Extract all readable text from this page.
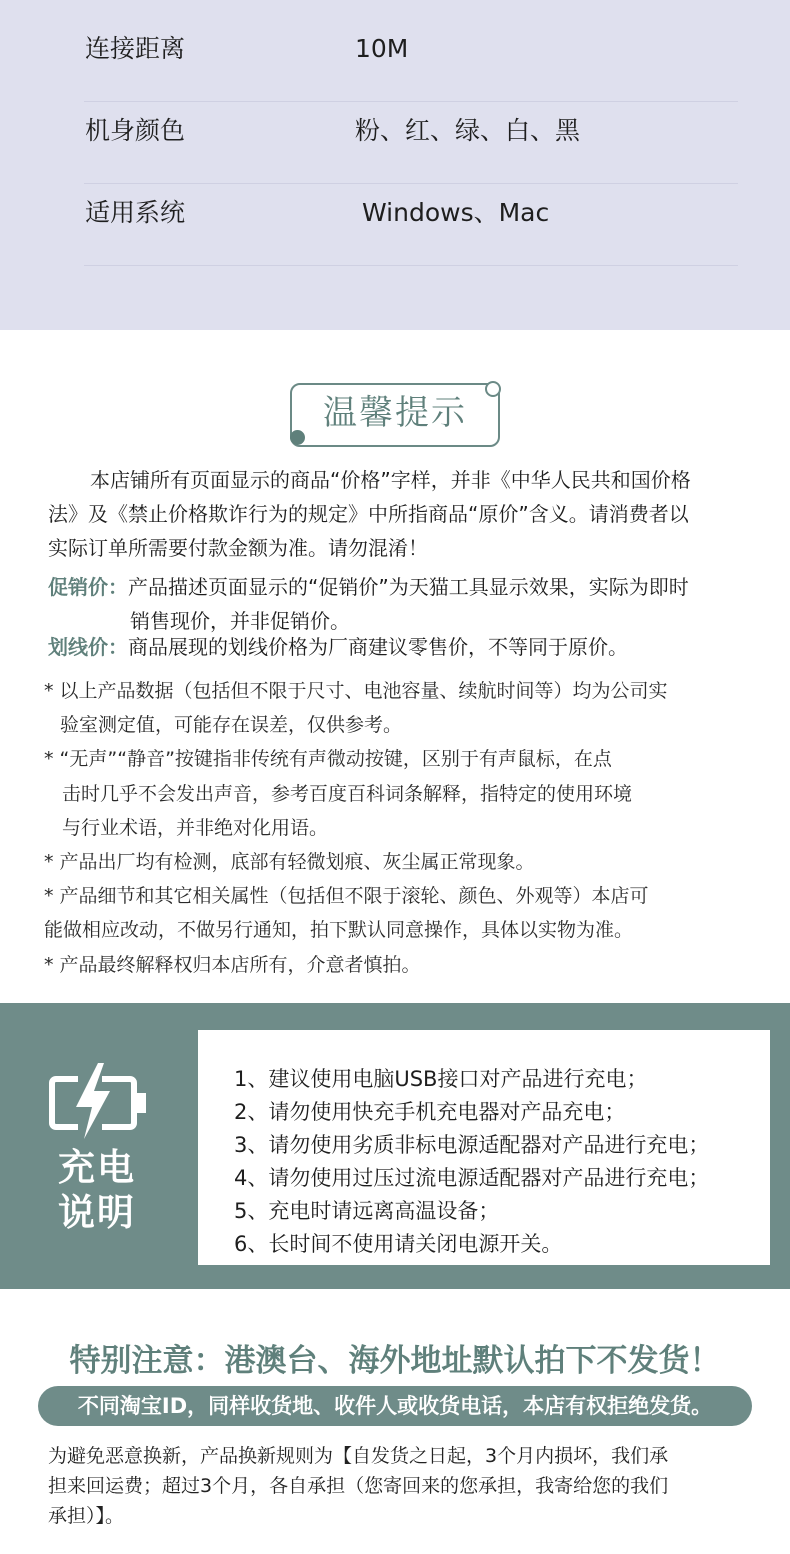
连接距离	10M
机身颜色	粉、红、绿、白、黑
适用系统	Windows、Mac
温馨提示
本店铺所有页面显示的商品“价格”字样，并非《中华人民共和国价格
法》及《禁止价格欺诈行为的规定》中所指商品“原价”含义。请消费者以
实际订单所需要付款金额为准。请勿混淆！
促销价：产品描述页面显示的“促销价”为天猫工具显示效果，实际为即时
销售现价，并非促销价。
划线价：商品展现的划线价格为厂商建议零售价，不等同于原价。
* 以上产品数据（包括但不限于尺寸、电池容量、续航时间等）均为公司实
验室测定值，可能存在误差，仅供参考。
* “无声”“静音”按键指非传统有声微动按键，区别于有声鼠标，在点
击时几乎不会发出声音，参考百度百科词条解释，指特定的使用环境
与行业术语，并非绝对化用语。
* 产品出厂均有检测，底部有轻微划痕、灰尘属正常现象。
* 产品细节和其它相关属性（包括但不限于滚轮、颜色、外观等）本店可
能做相应改动，不做另行通知，拍下默认同意操作，具体以实物为准。
* 产品最终解释权归本店所有，介意者慎拍。
充电
说明
1、建议使用电脑USB接口对产品进行充电；
2、请勿使用快充手机充电器对产品充电；
3、请勿使用劣质非标电源适配器对产品进行充电；
4、请勿使用过压过流电源适配器对产品进行充电；
5、充电时请远离高温设备；
6、长时间不使用请关闭电源开关。
特别注意：港澳台、海外地址默认拍下不发货！
不同淘宝ID，同样收货地、收件人或收货电话，本店有权拒绝发货。
为避免恶意换新，产品换新规则为【自发货之日起，3个月内损坏，我们承
担来回运费；超过3个月，各自承担（您寄回来的您承担，我寄给您的我们
承担）】。
